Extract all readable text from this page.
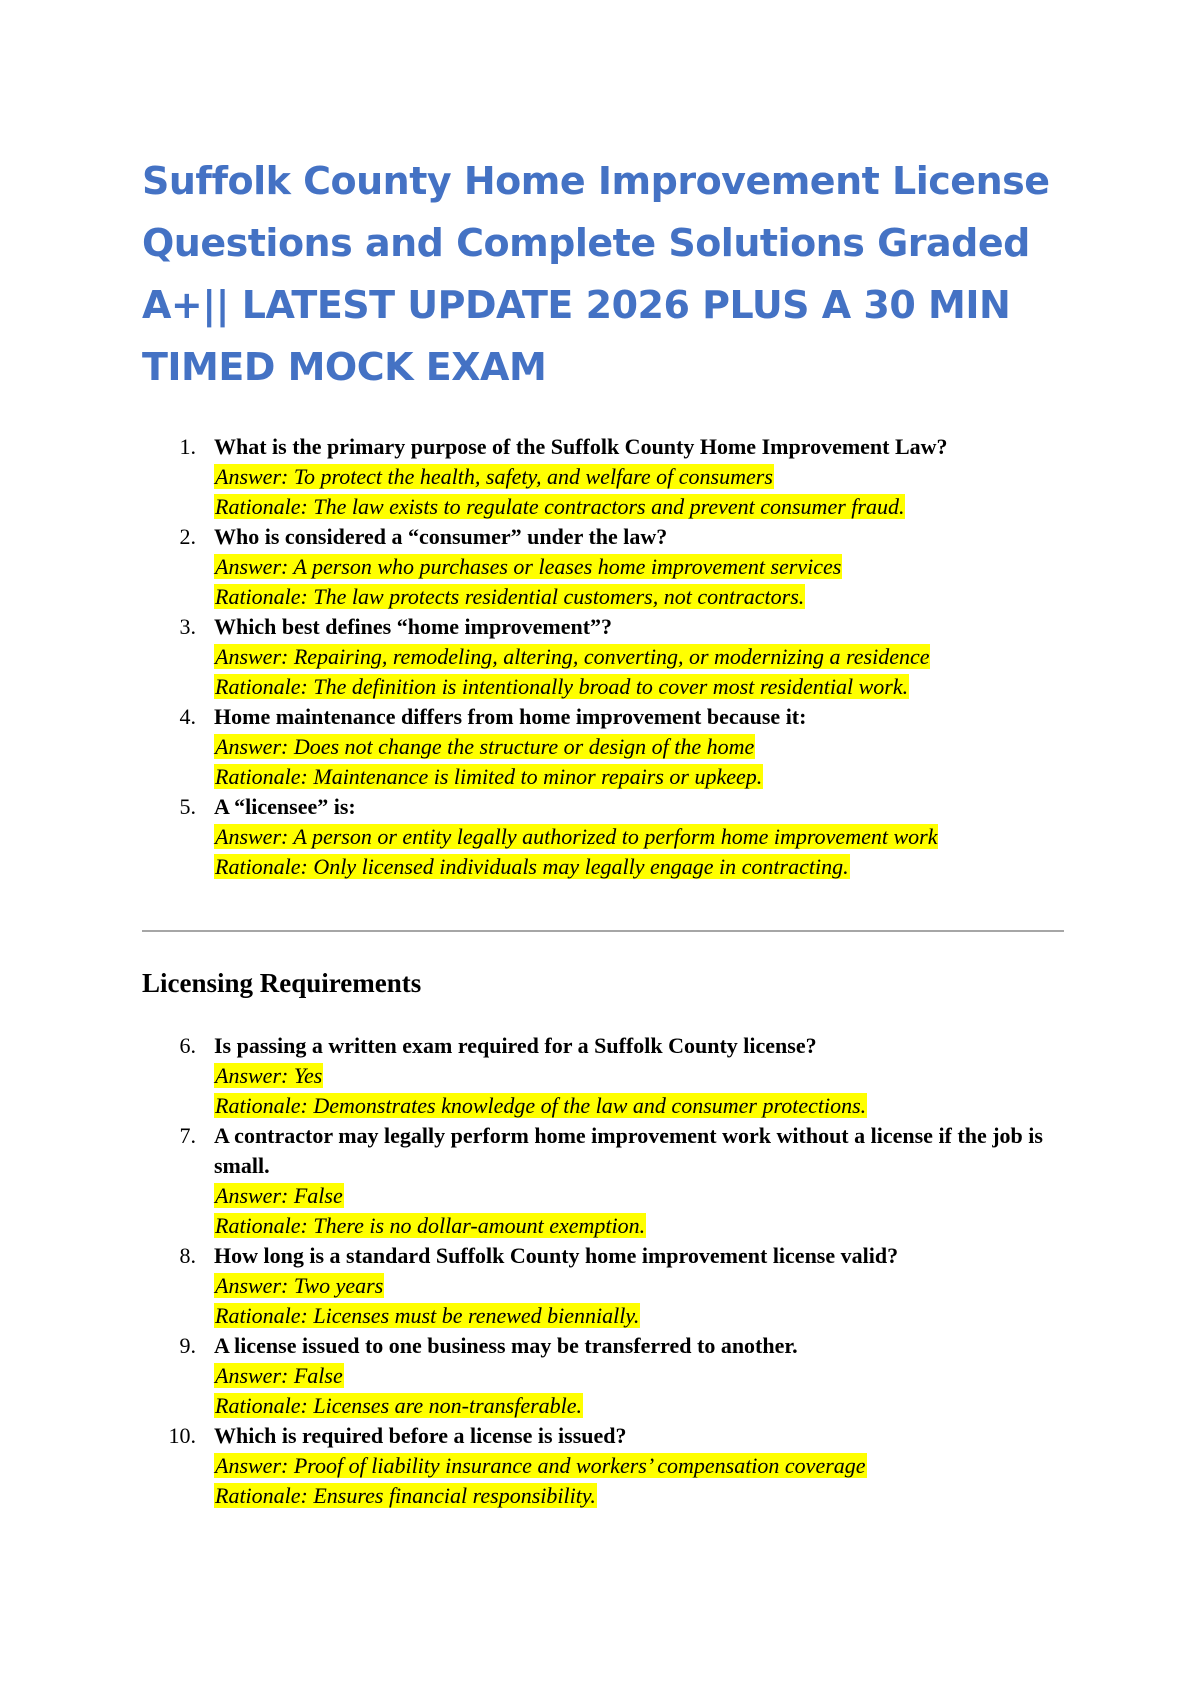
Suffolk County Home Improvement License Questions and Complete Solutions Graded A+|| LATEST UPDATE 2026 PLUS A 30 MIN TIMED MOCK EXAM
1. What is the primary purpose of the Suffolk County Home Improvement Law?
Answer: To protect the health, safety, and welfare of consumers
Rationale: The law exists to regulate contractors and prevent consumer fraud.
2. Who is considered a “consumer” under the law?
Answer: A person who purchases or leases home improvement services
Rationale: The law protects residential customers, not contractors.
3. Which best defines “home improvement”?
Answer: Repairing, remodeling, altering, converting, or modernizing a residence
Rationale: The definition is intentionally broad to cover most residential work.
4. Home maintenance differs from home improvement because it:
Answer: Does not change the structure or design of the home
Rationale: Maintenance is limited to minor repairs or upkeep.
5. A “licensee” is:
Answer: A person or entity legally authorized to perform home improvement work
Rationale: Only licensed individuals may legally engage in contracting.
Licensing Requirements
6. Is passing a written exam required for a Suffolk County license?
Answer: Yes
Rationale: Demonstrates knowledge of the law and consumer protections.
7. A contractor may legally perform home improvement work without a license if the job is small.
Answer: False
Rationale: There is no dollar-amount exemption.
8. How long is a standard Suffolk County home improvement license valid?
Answer: Two years
Rationale: Licenses must be renewed biennially.
9. A license issued to one business may be transferred to another.
Answer: False
Rationale: Licenses are non-transferable.
10. Which is required before a license is issued?
Answer: Proof of liability insurance and workers’ compensation coverage
Rationale: Ensures financial responsibility.
